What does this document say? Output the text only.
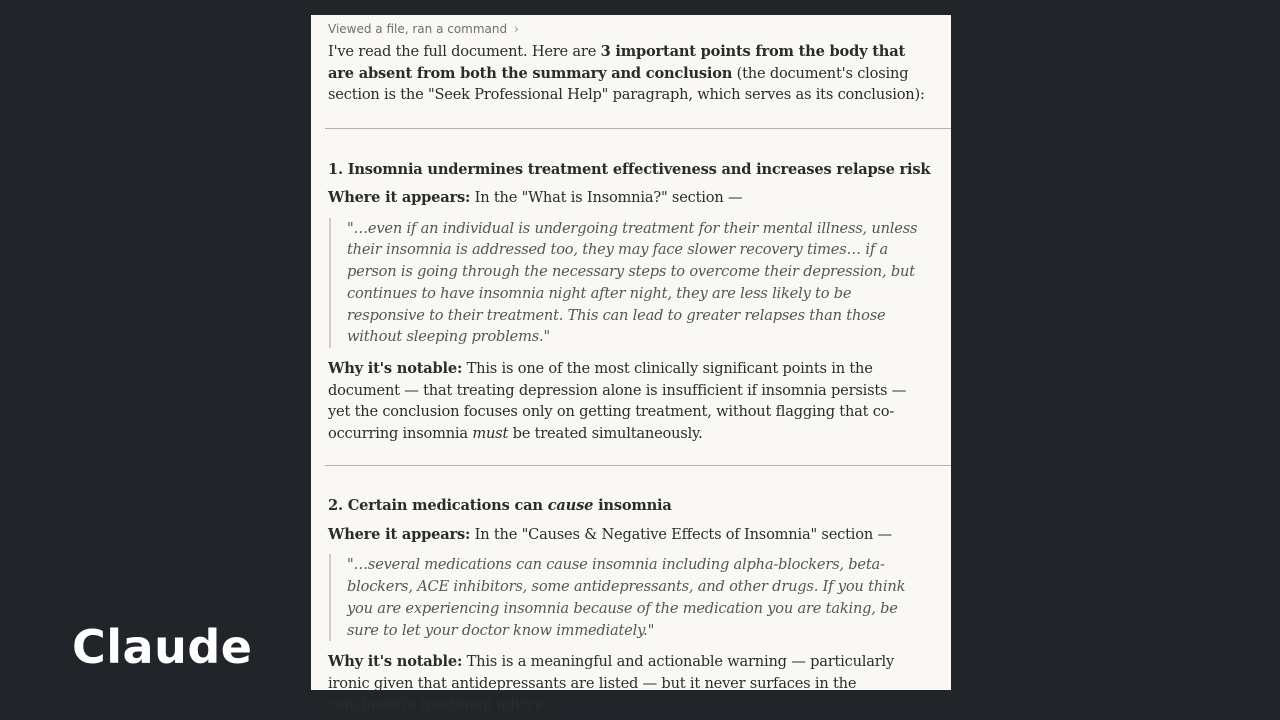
Claude
Viewed a file, ran a command ›

I've read the full document. Here are 3 important points from the body that are absent from both the summary and conclusion (the document's closing section is the "Seek Professional Help" paragraph, which serves as its conclusion):

1. Insomnia undermines treatment effectiveness and increases relapse risk

Where it appears: In the "What is Insomnia?" section —

"…even if an individual is undergoing treatment for their mental illness, unless their insomnia is addressed too, they may face slower recovery times… if a person is going through the necessary steps to overcome their depression, but continues to have insomnia night after night, they are less likely to be responsive to their treatment. This can lead to greater relapses than those without sleeping problems."

Why it's notable: This is one of the most clinically significant points in the document — that treating depression alone is insufficient if insomnia persists — yet the conclusion focuses only on getting treatment, without flagging that co-occurring insomnia must be treated simultaneously.

2. Certain medications can cause insomnia

Where it appears: In the "Causes & Negative Effects of Insomnia" section —

"…several medications can cause insomnia including alpha-blockers, beta-blockers, ACE inhibitors, some antidepressants, and other drugs. If you think you are experiencing insomnia because of the medication you are taking, be sure to let your doctor know immediately."

Why it's notable: This is a meaningful and actionable warning — particularly ironic given that antidepressants are listed — but it never surfaces in the conclusion's treatment advice,
